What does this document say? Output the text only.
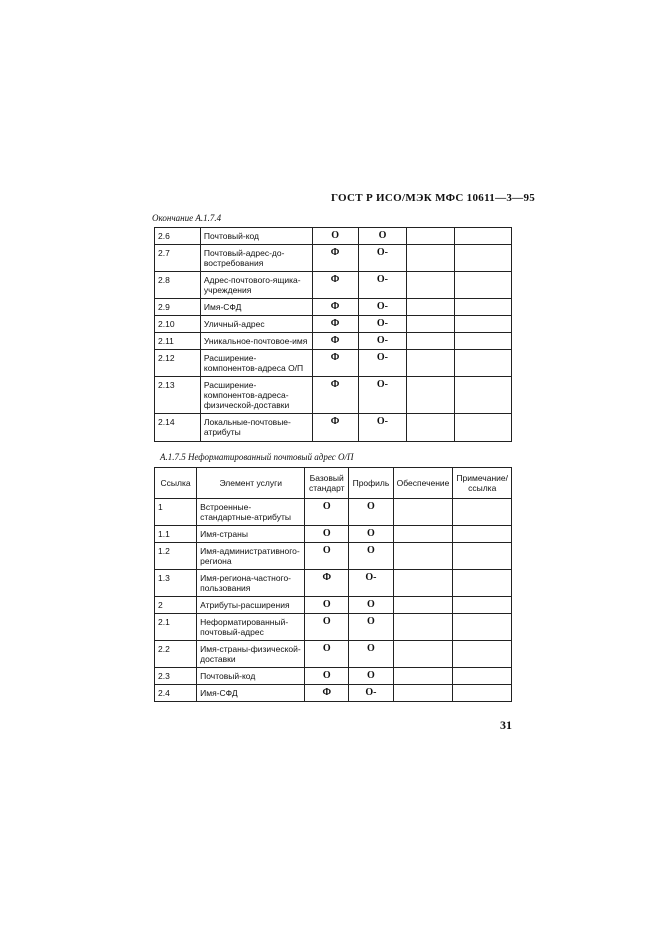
ГОСТ Р ИСО/МЭК МФС 10611—3—95
Окончание А.1.7.4
2.6	Почтовый-код	О	О		
2.7	Почтовый-адрес-до-востребования	Ф	О-		
2.8	Адрес-почтового-ящика-учреждения	Ф	О-		
2.9	Имя-СФД	Ф	О-		
2.10	Уличный-адрес	Ф	О-		
2.11	Уникальное-почтовое-имя	Ф	О-		
2.12	Расширение-компонентов-адреса О/П	Ф	О-		
2.13	Расширение-компонентов-адреса-физической-доставки	Ф	О-		
2.14	Локальные-почтовые-атрибуты	Ф	О-		
А.1.7.5 Неформатированный почтовый адрес О/П
Ссылка	Элемент услуги	Базовый стандарт	Профиль	Обеспечение	Примечание/ссылка
1	Встроенные-стандартные-атрибуты	О	О		
1.1	Имя-страны	О	О		
1.2	Имя-административного-региона	О	О		
1.3	Имя-региона-частного-пользования	Ф	О-		
2	Атрибуты-расширения	О	О		
2.1	Неформатированный-почтовый-адрес	О	О		
2.2	Имя-страны-физической-доставки	О	О		
2.3	Почтовый-код	О	О		
2.4	Имя-СФД	Ф	О-		
31
